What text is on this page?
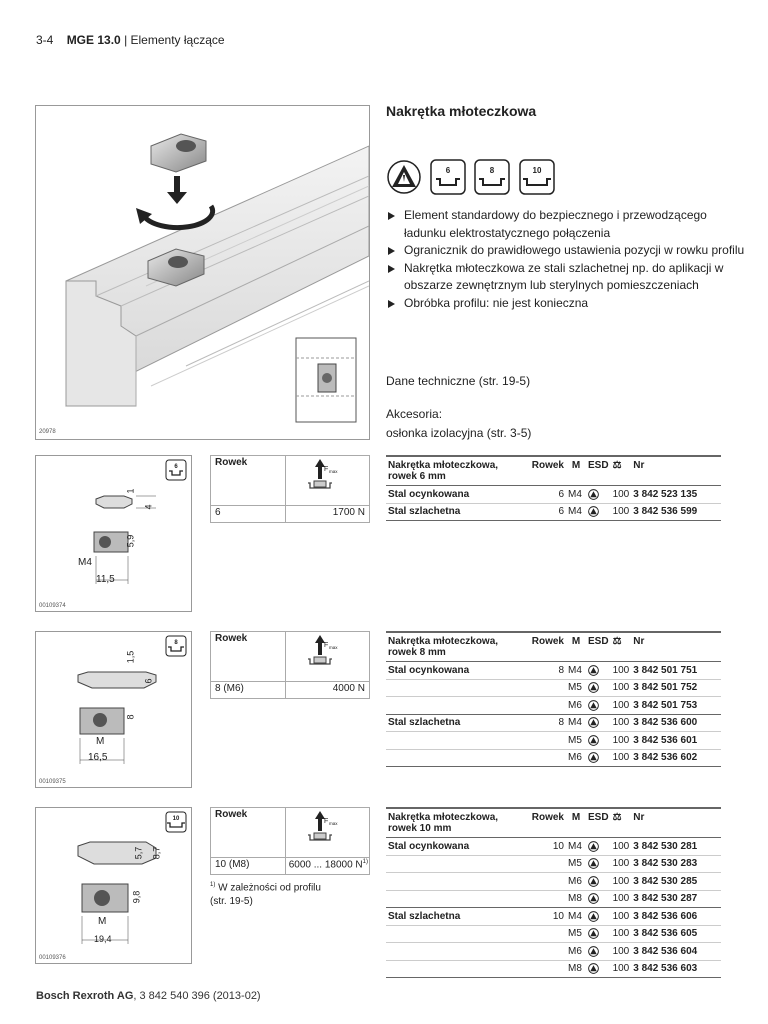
3-4 MGE 13.0 | Elementy łączące
20978
Nakrętka młoteczkowa
6	8	10
Element standardowy do bezpiecznego i przewodzącego ładunku elektrostatycznego połączenia
Ogranicznik do prawidłowego ustawienia pozycji w rowku profilu
Nakrętka młoteczkowa ze stali szlachetnej np. do aplikacji w obszarze zewnętrznym lub sterylnych pomieszczeniach
Obróbka profilu: nie jest konieczna
Dane techniczne (str. 19-5)
Akcesoria:
osłonka izolacyjna (str. 3-5)
6
1
4
5,9
M4
11,5
00109374
Rowek	F max

6	1700 N
Nakrętka młoteczkowa, rowek 6 mm	Rowek	M	ESD	⚖	Nr
Stal ocynkowana	6	M4		100	3 842 523 135
Stal szlachetna	6	M4		100	3 842 536 599
8
1,5
6
8
M
16,5
00109375
Rowek	F max

8 (M6)	4000 N
Nakrętka młoteczkowa, rowek 8 mm	Rowek	M	ESD	⚖	Nr
Stal ocynkowana	8	M4		100	3 842 501 751
		M5		100	3 842 501 752
		M6		100	3 842 501 753
Stal szlachetna	8	M4		100	3 842 536 600
		M5		100	3 842 536 601
		M6		100	3 842 536 602
10
5,7 8,7
9,8
M
19,4
00109376
Rowek	F max

10 (M8)	6000 ... 18000 $N^{1)}$
$^{1)}$ W zależności od profilu
(str. 19-5)
Nakrętka młoteczkowa, rowek 10 mm	Rowek	M	ESD	⚖	Nr
Stal ocynkowana	10	M4		100	3 842 530 281
		M5		100	3 842 530 283
		M6		100	3 842 530 285
		M8		100	3 842 530 287
Stal szlachetna	10	M4		100	3 842 536 606
		M5		100	3 842 536 605
		M6		100	3 842 536 604
		M8		100	3 842 536 603
Bosch Rexroth AG, 3 842 540 396 (2013-02)
